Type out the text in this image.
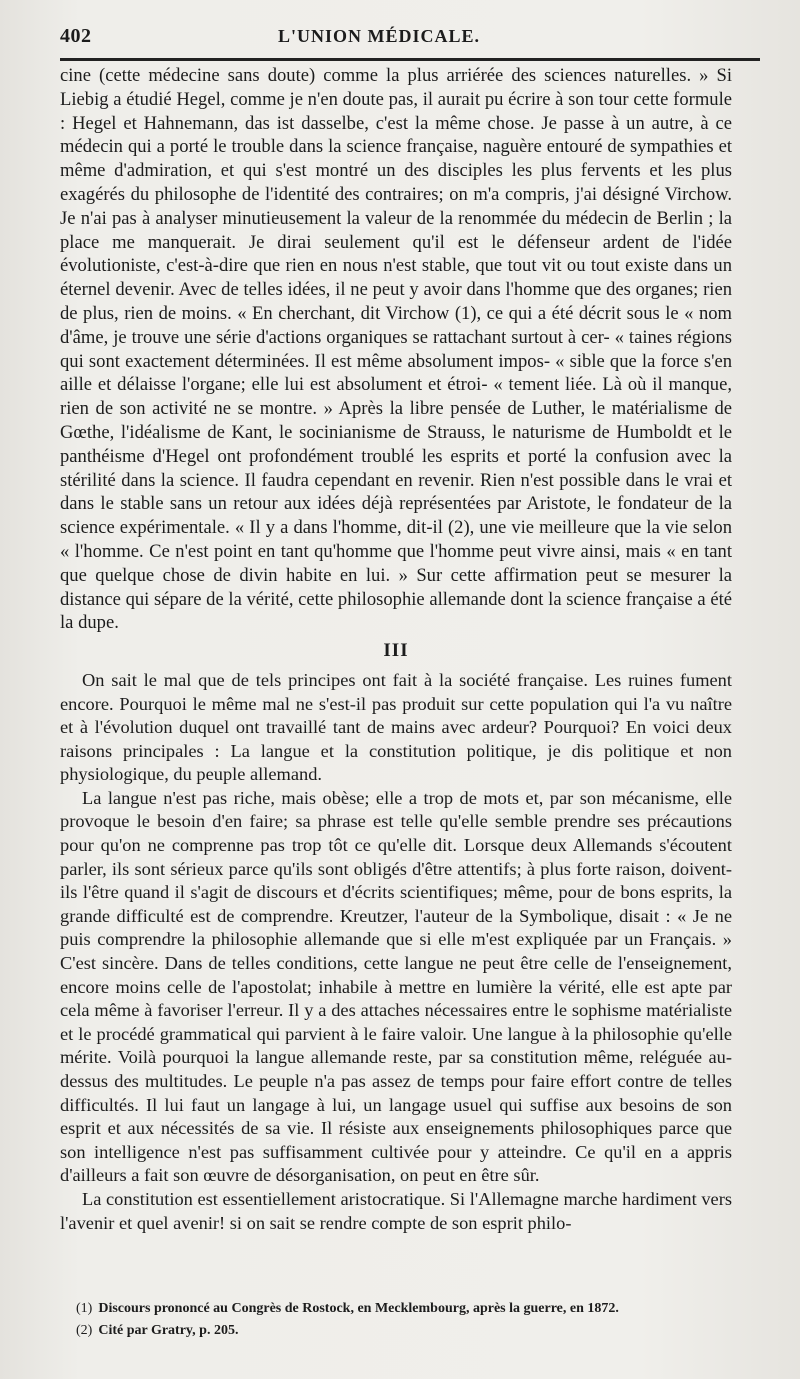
402	L'UNION MÉDICALE.

cine (cette médecine sans doute) comme la plus arriérée des sciences naturelles. » Si Liebig a étudié Hegel, comme je n'en doute pas, il aurait pu écrire à son tour cette formule : Hegel et Hahnemann, das ist dasselbe, c'est la même chose. Je passe à un autre, à ce médecin qui a porté le trouble dans la science française, naguère entouré de sympathies et même d'admiration, et qui s'est montré un des disciples les plus fervents et les plus exagérés du philosophe de l'identité des contraires; on m'a compris, j'ai désigné Virchow. Je n'ai pas à analyser minutieusement la valeur de la renommée du médecin de Berlin ; la place me manquerait. Je dirai seulement qu'il est le défenseur ardent de l'idée évolutioniste, c'est-à-dire que rien en nous n'est stable, que tout vit ou tout existe dans un éternel devenir. Avec de telles idées, il ne peut y avoir dans l'homme que des organes; rien de plus, rien de moins. « En cherchant, dit Virchow (1), ce qui a été décrit sous le « nom d'âme, je trouve une série d'actions organiques se rattachant surtout à cer- « taines régions qui sont exactement déterminées. Il est même absolument impos- « sible que la force s'en aille et délaisse l'organe; elle lui est absolument et étroi- « tement liée. Là où il manque, rien de son activité ne se montre. » Après la libre pensée de Luther, le matérialisme de Gœthe, l'idéalisme de Kant, le socinianisme de Strauss, le naturisme de Humboldt et le panthéisme d'Hegel ont profondément troublé les esprits et porté la confusion avec la stérilité dans la science. Il faudra cependant en revenir. Rien n'est possible dans le vrai et dans le stable sans un retour aux idées déjà représentées par Aristote, le fondateur de la science expérimentale. « Il y a dans l'homme, dit-il (2), une vie meilleure que la vie selon « l'homme. Ce n'est point en tant qu'homme que l'homme peut vivre ainsi, mais « en tant que quelque chose de divin habite en lui. » Sur cette affirmation peut se mesurer la distance qui sépare de la vérité, cette philosophie allemande dont la science française a été la dupe.

III

On sait le mal que de tels principes ont fait à la société française. Les ruines fument encore. Pourquoi le même mal ne s'est-il pas produit sur cette population qui l'a vu naître et à l'évolution duquel ont travaillé tant de mains avec ardeur? Pourquoi? En voici deux raisons principales : La langue et la constitution politique, je dis politique et non physiologique, du peuple allemand.

La langue n'est pas riche, mais obèse; elle a trop de mots et, par son mécanisme, elle provoque le besoin d'en faire; sa phrase est telle qu'elle semble prendre ses précautions pour qu'on ne comprenne pas trop tôt ce qu'elle dit. Lorsque deux Allemands s'écoutent parler, ils sont sérieux parce qu'ils sont obligés d'être attentifs; à plus forte raison, doivent-ils l'être quand il s'agit de discours et d'écrits scientifiques; même, pour de bons esprits, la grande difficulté est de comprendre. Kreutzer, l'auteur de la Symbolique, disait : « Je ne puis comprendre la philosophie allemande que si elle m'est expliquée par un Français. » C'est sincère. Dans de telles conditions, cette langue ne peut être celle de l'enseignement, encore moins celle de l'apostolat; inhabile à mettre en lumière la vérité, elle est apte par cela même à favoriser l'erreur. Il y a des attaches nécessaires entre le sophisme matérialiste et le procédé grammatical qui parvient à le faire valoir. Une langue à la philosophie qu'elle mérite. Voilà pourquoi la langue allemande reste, par sa constitution même, reléguée au-dessus des multitudes. Le peuple n'a pas assez de temps pour faire effort contre de telles difficultés. Il lui faut un langage à lui, un langage usuel qui suffise aux besoins de son esprit et aux nécessités de sa vie. Il résiste aux enseignements philosophiques parce que son intelligence n'est pas suffisamment cultivée pour y atteindre. Ce qu'il en a appris d'ailleurs a fait son œuvre de désorganisation, on peut en être sûr.

La constitution est essentiellement aristocratique. Si l'Allemagne marche hardiment vers l'avenir et quel avenir! si on sait se rendre compte de son esprit philo-

(1) Discours prononcé au Congrès de Rostock, en Mecklembourg, après la guerre, en 1872.

(2) Cité par Gratry, p. 205.
